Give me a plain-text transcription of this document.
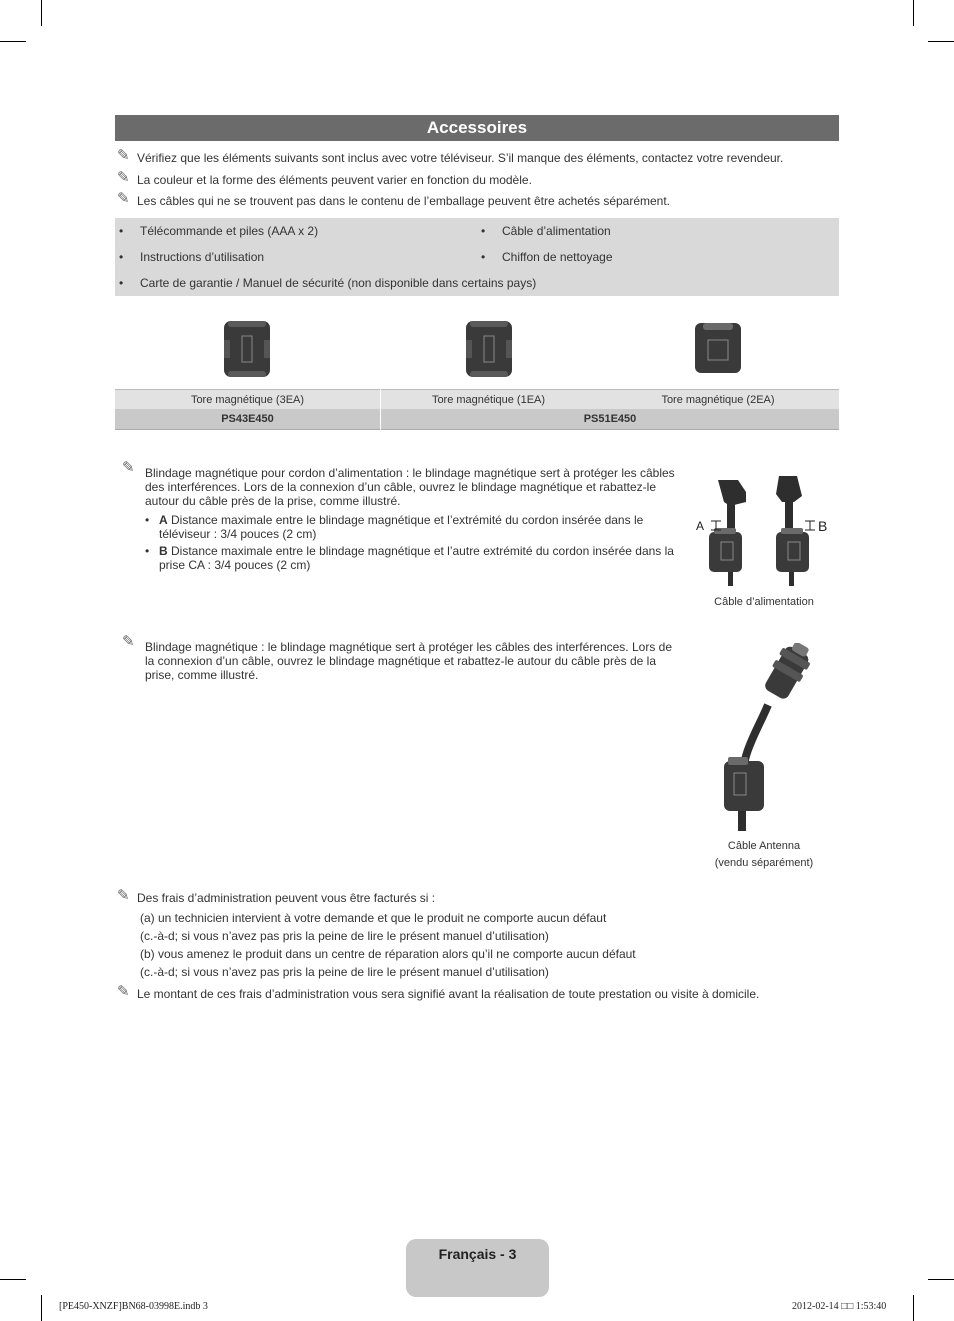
Accessoires
✎ Vérifiez que les éléments suivants sont inclus avec votre téléviseur. S’il manque des éléments, contactez votre revendeur.
✎ La couleur et la forme des éléments peuvent varier en fonction du modèle.
✎ Les câbles qui ne se trouvent pas dans le contenu de l’emballage peuvent être achetés séparément.
• Télécommande et piles (AAA x 2)
• Instructions d’utilisation
• Câble d’alimentation
• Chiffon de nettoyage
• Carte de garantie / Manuel de sécurité (non disponible dans certains pays)
Tore magnétique (3EA)	Tore magnétique (1EA)	Tore magnétique (2EA)
PS43E450	PS51E450
✎ Blindage magnétique pour cordon d’alimentation : le blindage magnétique sert à protéger les câbles des interférences. Lors de la connexion d’un câble, ouvrez le blindage magnétique et rabattez-le autour du câble près de la prise, comme illustré.
• A Distance maximale entre le blindage magnétique et l’extrémité du cordon insérée dans le téléviseur : 3/4 pouces (2 cm)
• B Distance maximale entre le blindage magnétique et l’autre extrémité du cordon insérée dans la prise CA : 3/4 pouces (2 cm)
A	B
Câble d’alimentation
✎ Blindage magnétique : le blindage magnétique sert à protéger les câbles des interférences. Lors de la connexion d’un câble, ouvrez le blindage magnétique et rabattez-le autour du câble près de la prise, comme illustré.
Câble Antenna
(vendu séparément)
✎ Des frais d’administration peuvent vous être facturés si :
(a) un technicien intervient à votre demande et que le produit ne comporte aucun défaut
(c.-à-d; si vous n’avez pas pris la peine de lire le présent manuel d’utilisation)
(b) vous amenez le produit dans un centre de réparation alors qu’il ne comporte aucun défaut
(c.-à-d; si vous n’avez pas pris la peine de lire le présent manuel d’utilisation)
✎ Le montant de ces frais d’administration vous sera signifié avant la réalisation de toute prestation ou visite à domicile.
Français - 3
[PE450-XNZF]BN68-03998E.indb 3	2012-02-14 □□ 1:53:40
